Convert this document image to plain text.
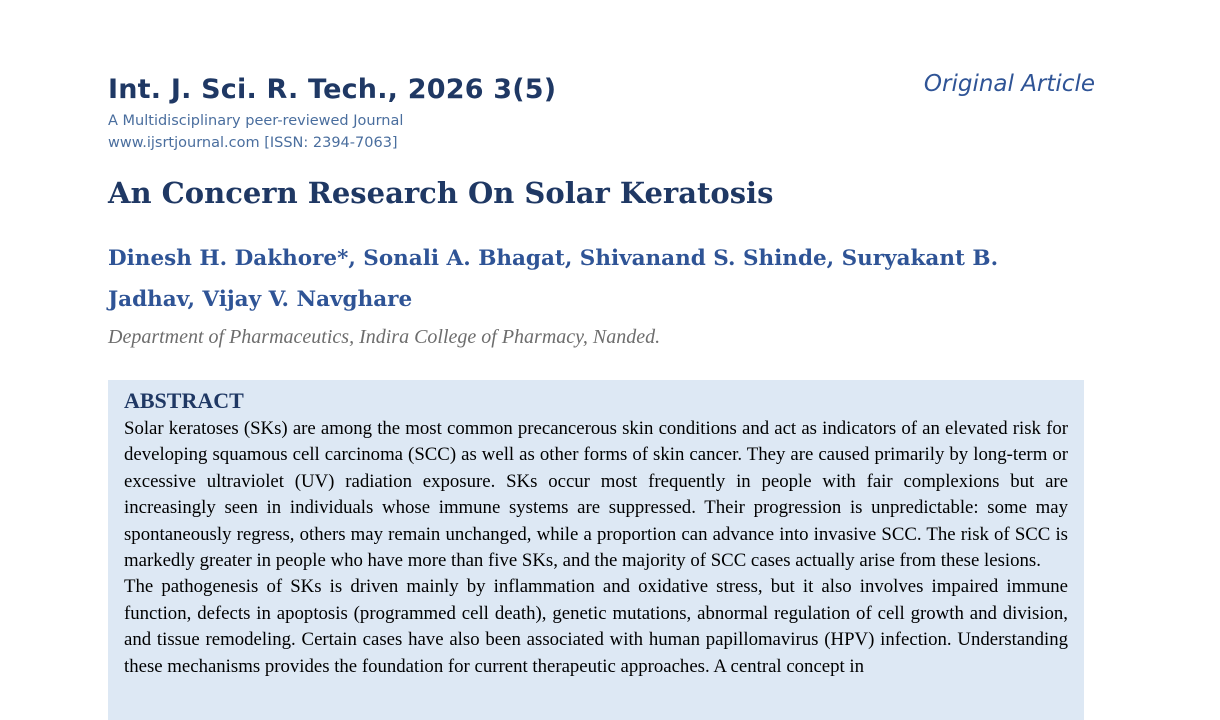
Int. J. Sci. R. Tech., 2026 3(5)
A Multidisciplinary peer-reviewed Journal
www.ijsrtjournal.com [ISSN: 2394-7063]
Original Article
An Concern Research On Solar Keratosis
Dinesh H. Dakhore*, Sonali A. Bhagat, Shivanand S. Shinde, Suryakant B. Jadhav, Vijay V. Navghare
Department of Pharmaceutics, Indira College of Pharmacy, Nanded.
ABSTRACT

Solar keratoses (SKs) are among the most common precancerous skin conditions and act as indicators of an elevated risk for developing squamous cell carcinoma (SCC) as well as other forms of skin cancer. They are caused primarily by long-term or excessive ultraviolet (UV) radiation exposure. SKs occur most frequently in people with fair complexions but are increasingly seen in individuals whose immune systems are suppressed. Their progression is unpredictable: some may spontaneously regress, others may remain unchanged, while a proportion can advance into invasive SCC. The risk of SCC is markedly greater in people who have more than five SKs, and the majority of SCC cases actually arise from these lesions.

The pathogenesis of SKs is driven mainly by inflammation and oxidative stress, but it also involves impaired immune function, defects in apoptosis (programmed cell death), genetic mutations, abnormal regulation of cell growth and division, and tissue remodeling. Certain cases have also been associated with human papillomavirus (HPV) infection. Understanding these mechanisms provides the foundation for current therapeutic approaches. A central concept in
